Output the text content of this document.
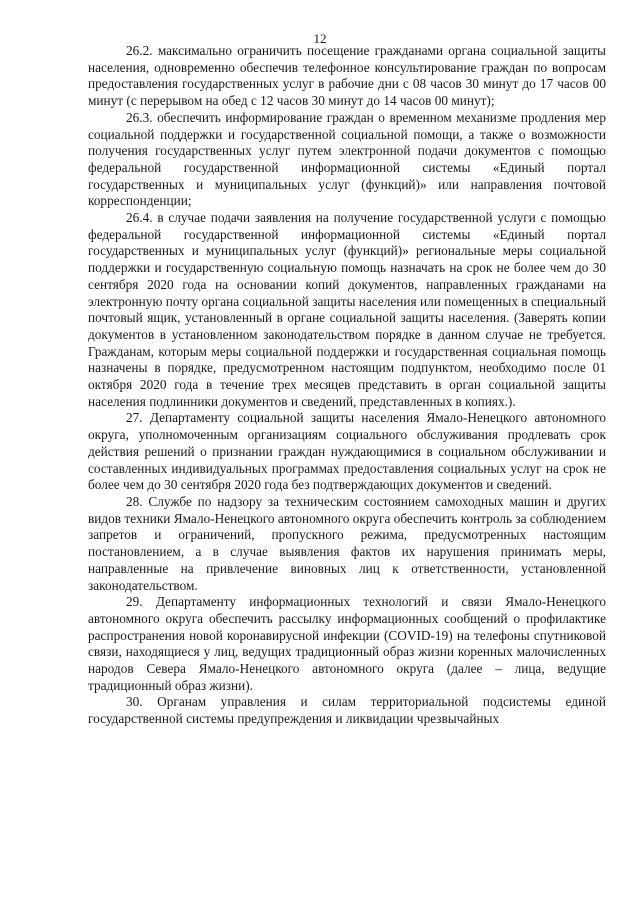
12

26.2. максимально ограничить посещение гражданами органа социальной защиты населения, одновременно обеспечив телефонное консультирование граждан по вопросам предоставления государственных услуг в рабочие дни с 08 часов 30 минут до 17 часов 00 минут (с перерывом на обед с 12 часов 30 минут до 14 часов 00 минут);

26.3. обеспечить информирование граждан о временном механизме продления мер социальной поддержки и государственной социальной помощи, а также о возможности получения государственных услуг путем электронной подачи документов с помощью федеральной государственной информационной системы «Единый портал государственных и муниципальных услуг (функций)» или направления почтовой корреспонденции;

26.4. в случае подачи заявления на получение государственной услуги с помощью федеральной государственной информационной системы «Единый портал государственных и муниципальных услуг (функций)» региональные меры социальной поддержки и государственную социальную помощь назначать на срок не более чем до 30 сентября 2020 года на основании копий документов, направленных гражданами на электронную почту органа социальной защиты населения или помещенных в специальный почтовый ящик, установленный в органе социальной защиты населения. (Заверять копии документов в установленном законодательством порядке в данном случае не требуется. Гражданам, которым меры социальной поддержки и государственная социальная помощь назначены в порядке, предусмотренном настоящим подпунктом, необходимо после 01 октября 2020 года в течение трех месяцев представить в орган социальной защиты населения подлинники документов и сведений, представленных в копиях.).

27. Департаменту социальной защиты населения Ямало-Ненецкого автономного округа, уполномоченным организациям социального обслуживания продлевать срок действия решений о признании граждан нуждающимися в социальном обслуживании и составленных индивидуальных программах предоставления социальных услуг на срок не более чем до 30 сентября 2020 года без подтверждающих документов и сведений.

28. Службе по надзору за техническим состоянием самоходных машин и других видов техники Ямало-Ненецкого автономного округа обеспечить контроль за соблюдением запретов и ограничений, пропускного режима, предусмотренных настоящим постановлением, а в случае выявления фактов их нарушения принимать меры, направленные на привлечение виновных лиц к ответственности, установленной законодательством.

29. Департаменту информационных технологий и связи Ямало-Ненецкого автономного округа обеспечить рассылку информационных сообщений о профилактике распространения новой коронавирусной инфекции (COVID-19) на телефоны спутниковой связи, находящиеся у лиц, ведущих традиционный образ жизни коренных малочисленных народов Севера Ямало-Ненецкого автономного округа (далее – лица, ведущие традиционный образ жизни).

30. Органам управления и силам территориальной подсистемы единой государственной системы предупреждения и ликвидации чрезвычайных
